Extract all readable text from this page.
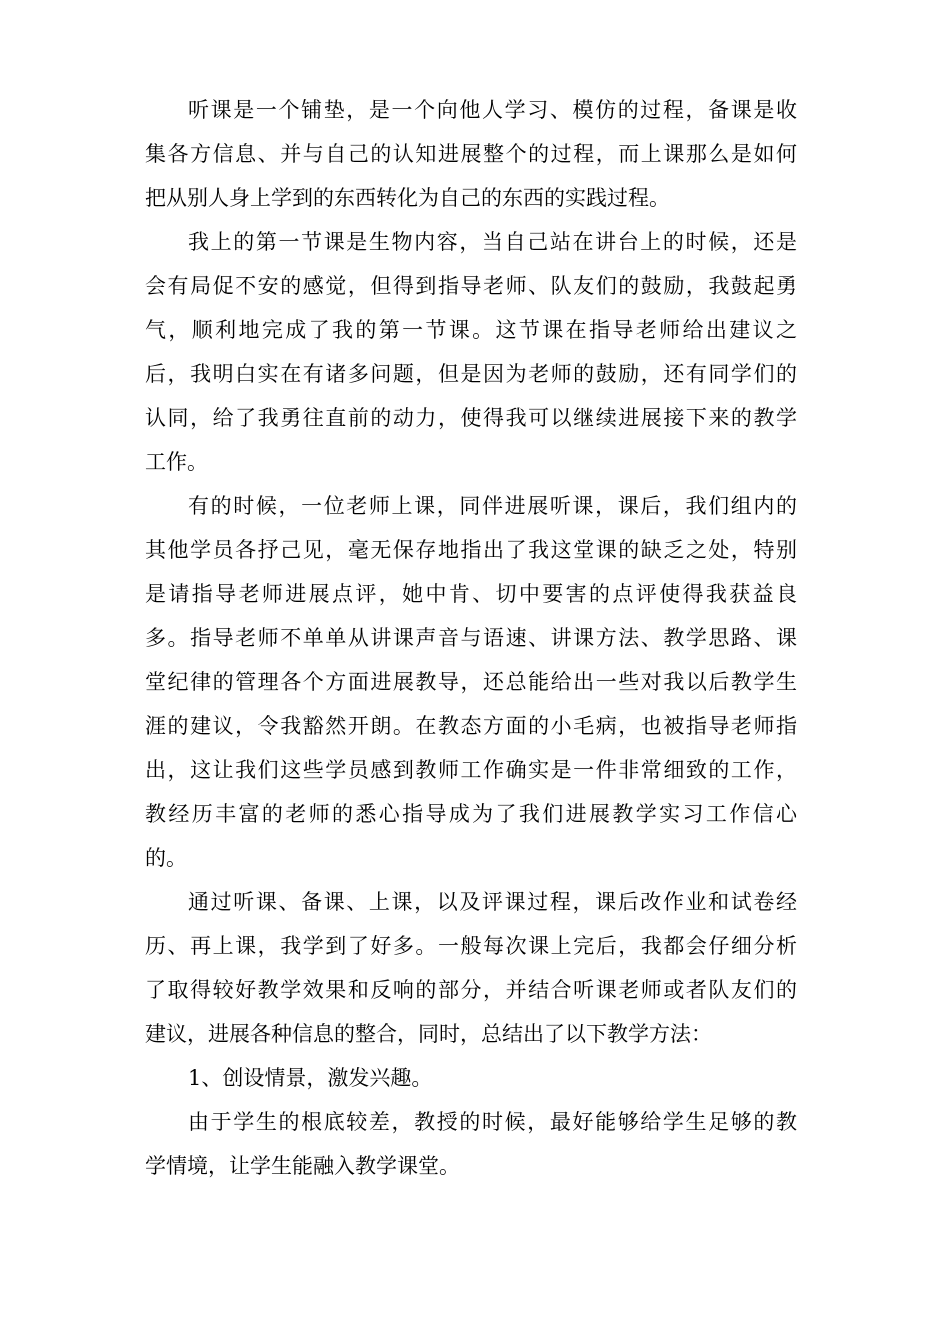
听课是一个铺垫，是一个向他人学习、模仿的过程，备课是收
集各方信息、并与自己的认知进展整个的过程，而上课那么是如何
把从别人身上学到的东西转化为自己的东西的实践过程。
我上的第一节课是生物内容，当自己站在讲台上的时候，还是
会有局促不安的感觉，但得到指导老师、队友们的鼓励，我鼓起勇
气，顺利地完成了我的第一节课。这节课在指导老师给出建议之
后，我明白实在有诸多问题，但是因为老师的鼓励，还有同学们的
认同，给了我勇往直前的动力，使得我可以继续进展接下来的教学
工作。
有的时候，一位老师上课，同伴进展听课，课后，我们组内的
其他学员各抒己见，毫无保存地指出了我这堂课的缺乏之处，特别
是请指导老师进展点评，她中肯、切中要害的点评使得我获益良
多。指导老师不单单从讲课声音与语速、讲课方法、教学思路、课
堂纪律的管理各个方面进展教导，还总能给出一些对我以后教学生
涯的建议，令我豁然开朗。在教态方面的小毛病，也被指导老师指
出，这让我们这些学员感到教师工作确实是一件非常细致的工作，
教经历丰富的老师的悉心指导成为了我们进展教学实习工作信心
的。
通过听课、备课、上课，以及评课过程，课后改作业和试卷经
历、再上课，我学到了好多。一般每次课上完后，我都会仔细分析
了取得较好教学效果和反响的部分，并结合听课老师或者队友们的
建议，进展各种信息的整合，同时，总结出了以下教学方法：
1、创设情景，激发兴趣。
由于学生的根底较差，教授的时候，最好能够给学生足够的教
学情境，让学生能融入教学课堂。
